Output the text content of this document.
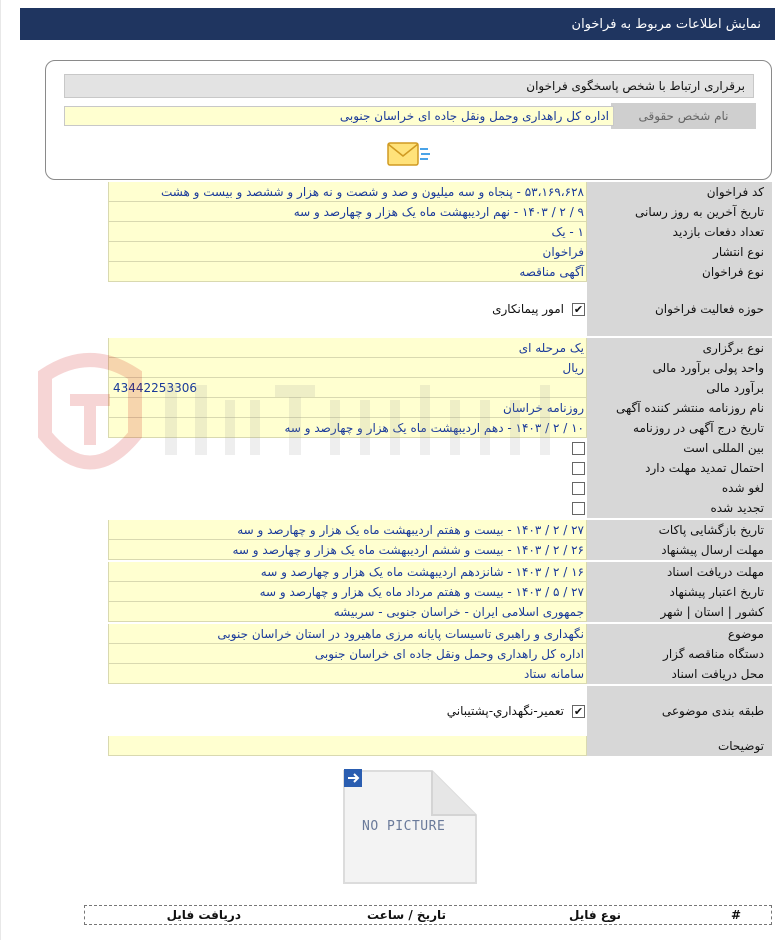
نمایش اطلاعات مربوط به فراخوان
برقراری ارتباط با شخص پاسخگوی فراخوان
نام شخص حقوقی
اداره کل راهداری وحمل ونقل جاده ای خراسان جنوبی
کد فراخوان
۵۳،۱۶۹،۶۲۸ - پنجاه و سه میلیون و صد و شصت و نه هزار و ششصد و بیست و هشت
تاریخ آخرین به روز رسانی
۹ / ۲ / ۱۴۰۳ - نهم اردیبهشت ماه یک هزار و چهارصد و سه
تعداد دفعات بازدید
۱ - یک
نوع انتشار
فراخوان
نوع فراخوان
آگهی مناقصه
حوزه فعالیت فراخوان
✔
امور پیمانکاری
نوع برگزاری
یک مرحله ای
واحد پولی برآورد مالی
ریال
برآورد مالی
43442253306
نام روزنامه منتشر کننده آگهی
روزنامه خراسان
تاریخ درج آگهی در روزنامه
۱۰ / ۲ / ۱۴۰۳ - دهم اردیبهشت ماه یک هزار و چهارصد و سه
بین المللی است
احتمال تمدید مهلت دارد
لغو شده
تجدید شده
تاریخ بازگشایی پاکات
۲۷ / ۲ / ۱۴۰۳ - بیست و هفتم اردیبهشت ماه یک هزار و چهارصد و سه
مهلت ارسال پیشنهاد
۲۶ / ۲ / ۱۴۰۳ - بیست و ششم اردیبهشت ماه یک هزار و چهارصد و سه
مهلت دریافت اسناد
۱۶ / ۲ / ۱۴۰۳ - شانزدهم اردیبهشت ماه یک هزار و چهارصد و سه
تاریخ اعتبار پیشنهاد
۲۷ / ۵ / ۱۴۰۳ - بیست و هفتم مرداد ماه یک هزار و چهارصد و سه
کشور | استان | شهر
جمهوری اسلامی ایران - خراسان جنوبی - سربیشه
موضوع
نگهداری و راهبری تاسیسات پایانه مرزی ماهیرود در استان خراسان جنوبی
دستگاه مناقصه گزار
اداره کل راهداری وحمل ونقل جاده ای خراسان جنوبی
محل دریافت اسناد
سامانه ستاد
طبقه بندی موضوعی
✔
تعمير-نگهداري-پشتيباني
توضیحات
NO PICTURE
#
نوع فایل
تاریخ / ساعت
دریافت فایل
